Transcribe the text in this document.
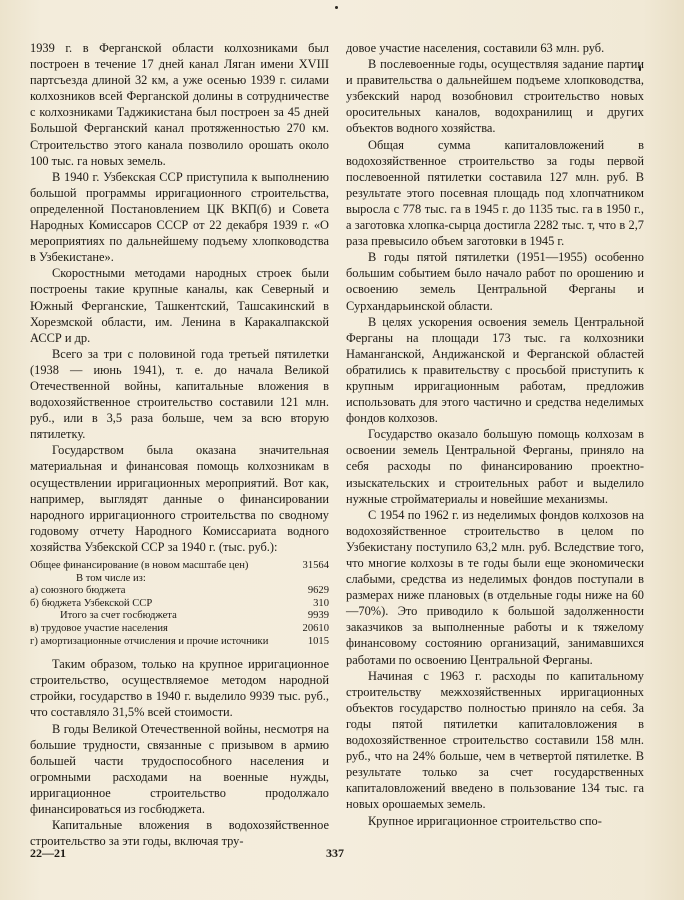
1939 г. в Ферганской области колхозниками был построен в течение 17 дней канал Ляган имени XVIII партсъезда длиной 32 км, а уже осенью 1939 г. силами колхозников всей Ферганской долины в сотрудничестве с колхозниками Таджикистана был построен за 45 дней Большой Ферганский канал протяженностью 270 км. Строительство этого канала позволило орошать около 100 тыс. га новых земель.

В 1940 г. Узбекская ССР приступила к выполнению большой программы ирригационного строительства, определенной Постановлением ЦК ВКП(б) и Совета Народных Комиссаров СССР от 22 декабря 1939 г. «О мероприятиях по дальнейшему подъему хлопководства в Узбекистане».

Скоростными методами народных строек были построены такие крупные каналы, как Северный и Южный Ферганские, Ташкентский, Ташсакинский в Хорезмской области, им. Ленина в Каракалпакской АССР и др.

Всего за три с половиной года третьей пятилетки (1938 — июнь 1941), т. е. до начала Великой Отечественной войны, капитальные вложения в водохозяйственное строительство составили 121 млн. руб., или в 3,5 раза больше, чем за всю вторую пятилетку.

Государством была оказана значительная материальная и финансовая помощь колхозникам в осуществлении ирригационных мероприятий. Вот как, например, выглядят данные о финансировании народного ирригационного строительства по сводному годовому отчету Народного Комиссариата водного хозяйства Узбекской ССР за 1940 г. (тыс. руб.):

Общее финансирование (в новом масштабе цен)	31564
В том числе из:
а) союзного бюджета	9629
б) бюджета Узбекской ССР	310
Итого за счет госбюджета	9939
в) трудовое участие населения	20610
г) амортизационные отчисления и прочие источники	1015

Таким образом, только на крупное ирригационное строительство, осуществляемое методом народной стройки, государство в 1940 г. выделило 9939 тыс. руб., что составляло 31,5% всей стоимости.

В годы Великой Отечественной войны, несмотря на большие трудности, связанные с призывом в армию большей части трудоспособного населения и огромными расходами на военные нужды, ирригационное строительство продолжало финансироваться из госбюджета.

Капитальные вложения в водохозяйственное строительство за эти годы, включая тру-

довое участие населения, составили 63 млн. руб.

В послевоенные годы, осуществляя задание партии и правительства о дальнейшем подъеме хлопководства, узбекский народ возобновил строительство новых оросительных каналов, водохранилищ и других объектов водного хозяйства.

Общая сумма капиталовложений в водохозяйственное строительство за годы первой послевоенной пятилетки составила 127 млн. руб. В результате этого посевная площадь под хлопчатником выросла с 778 тыс. га в 1945 г. до 1135 тыс. га в 1950 г., а заготовка хлопка-сырца достигла 2282 тыс. т, что в 2,7 раза превысило объем заготовки в 1945 г.

В годы пятой пятилетки (1951—1955) особенно большим событием было начало работ по орошению и освоению земель Центральной Ферганы и Сурхандарьинской области.

В целях ускорения освоения земель Центральной Ферганы на площади 173 тыс. га колхозники Наманганской, Андижанской и Ферганской областей обратились к правительству с просьбой приступить к крупным ирригационным работам, предложив использовать для этого частично и средства неделимых фондов колхозов.

Государство оказало большую помощь колхозам в освоении земель Центральной Ферганы, приняло на себя расходы по финансированию проектно-изыскательских и строительных работ и выделило нужные стройматериалы и новейшие механизмы.

С 1954 по 1962 г. из неделимых фондов колхозов на водохозяйственное строительство в целом по Узбекистану поступило 63,2 млн. руб. Вследствие того, что многие колхозы в те годы были еще экономически слабыми, средства из неделимых фондов поступали в размерах ниже плановых (в отдельные годы ниже на 60—70%). Это приводило к большой задолженности заказчиков за выполненные работы и к тяжелому финансовому состоянию организаций, занимавшихся работами по освоению Центральной Ферганы.

Начиная с 1963 г. расходы по капитальному строительству межхозяйственных ирригационных объектов государство полностью приняло на себя. За годы пятой пятилетки капиталовложения в водохозяйственное строительство составили 158 млн. руб., что на 24% больше, чем в четвертой пятилетке. В результате только за счет государственных капиталовложений введено в пользование 134 тыс. га новых орошаемых земель.

Крупное ирригационное строительство спо-

22—21	337
